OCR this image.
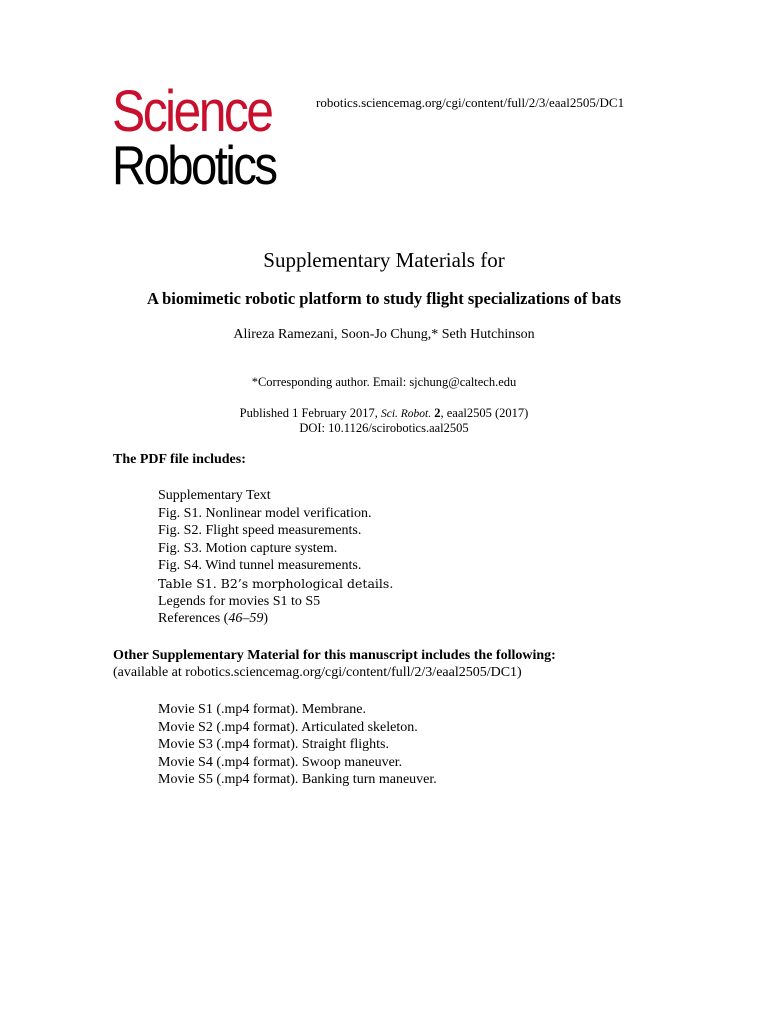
Science
Robotics
robotics.sciencemag.org/cgi/content/full/2/3/eaal2505/DC1
Supplementary Materials for
A biomimetic robotic platform to study flight specializations of bats
Alireza Ramezani, Soon-Jo Chung,* Seth Hutchinson
*Corresponding author. Email: sjchung@caltech.edu
Published 1 February 2017, Sci. Robot. 2, eaal2505 (2017)
DOI: 10.1126/scirobotics.aal2505
The PDF file includes:
Supplementary Text
Fig. S1. Nonlinear model verification.
Fig. S2. Flight speed measurements.
Fig. S3. Motion capture system.
Fig. S4. Wind tunnel measurements.
Table S1. B2’s morphological details.
Legends for movies S1 to S5
References (46–59)
Other Supplementary Material for this manuscript includes the following:
(available at robotics.sciencemag.org/cgi/content/full/2/3/eaal2505/DC1)
Movie S1 (.mp4 format). Membrane.
Movie S2 (.mp4 format). Articulated skeleton.
Movie S3 (.mp4 format). Straight flights.
Movie S4 (.mp4 format). Swoop maneuver.
Movie S5 (.mp4 format). Banking turn maneuver.
